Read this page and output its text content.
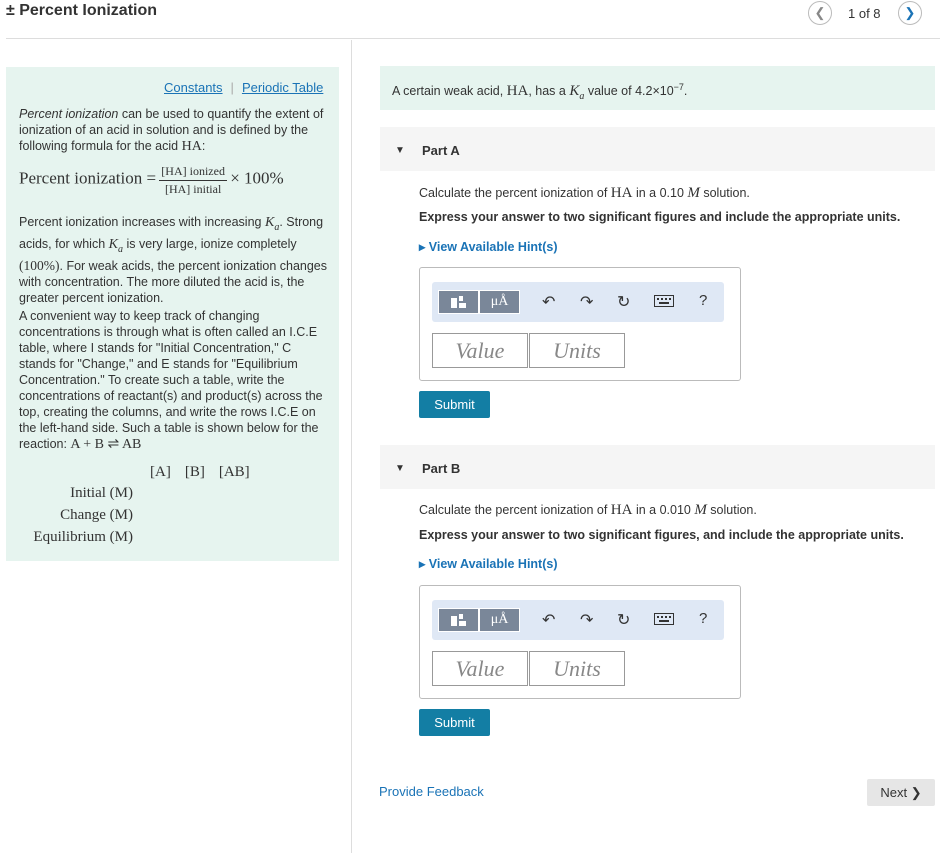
± Percent Ionization	❮ 1 of 8 ❯
Constants | Periodic Table
Percent ionization can be used to quantify the extent of ionization of an acid in solution and is defined by the following formula for the acid HA:
Percent ionization = $\frac{\text{[HA] ionized}}{\text{[HA] initial}} \times 100\%$
Percent ionization increases with increasing $K_a$. Strong acids, for which $K_a$ is very large, ionize completely (100%). For weak acids, the percent ionization changes with concentration. The more diluted the acid is, the greater percent ionization.
A convenient way to keep track of changing concentrations is through what is often called an I.C.E table, where I stands for "Initial Concentration," C stands for "Change," and E stands for "Equilibrium Concentration." To create such a table, write the concentrations of reactant(s) and product(s) across the top, creating the columns, and write the rows I.C.E on the left-hand side. Such a table is shown below for the reaction: A + B ⇌ AB
[A] [B] [AB]
Initial (M)
Change (M)
Equilibrium (M)
A certain weak acid, HA, has a $K_a$ value of $4.2\times 10^{-7}$.
▼ Part A
Calculate the percent ionization of HA in a 0.10 M solution.
Express your answer to two significant figures and include the appropriate units.
▸ View Available Hint(s)
μÅ	↶ ↷ ↻	?
Value	Units
Submit
▼ Part B
Calculate the percent ionization of HA in a 0.010 M solution.
Express your answer to two significant figures, and include the appropriate units.
▸ View Available Hint(s)
μÅ	↶ ↷ ↻	?
Value	Units
Submit
Provide Feedback	Next ❯
